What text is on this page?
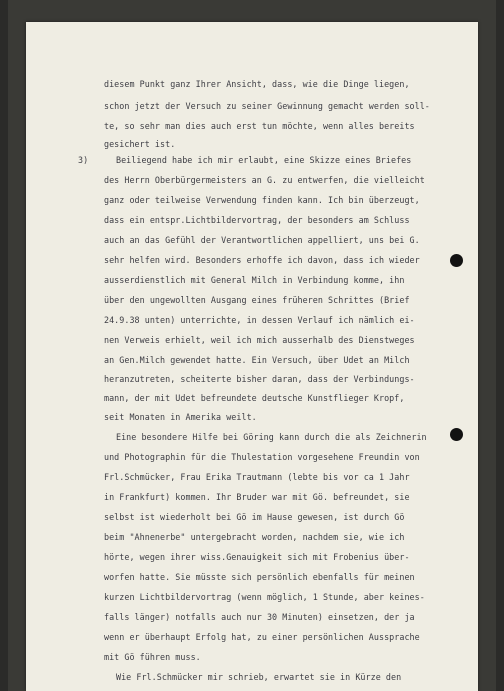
diesem Punkt ganz Ihrer Ansicht, dass, wie die Dinge liegen,
schon jetzt der Versuch zu seiner Gewinnung gemacht werden soll-
te, so sehr man dies auch erst tun möchte, wenn alles bereits
gesichert ist.
3)	Beiliegend habe ich mir erlaubt, eine Skizze eines Briefes
des Herrn Oberbürgermeisters an G. zu entwerfen, die vielleicht
ganz oder teilweise Verwendung finden kann. Ich bin überzeugt,
dass ein entspr.Lichtbildervortrag, der besonders am Schluss
auch an das Gefühl der Verantwortlichen appelliert, uns bei G.
sehr helfen wird. Besonders erhoffe ich davon, dass ich wieder
ausserdienstlich mit General Milch in Verbindung komme, ihn
über den ungewollten Ausgang eines früheren Schrittes (Brief
24.9.38 unten) unterrichte, in dessen Verlauf ich nämlich ei-
nen Verweis erhielt, weil ich mich ausserhalb des Dienstweges
an Gen.Milch gewendet hatte. Ein Versuch, über Udet an Milch
heranzutreten, scheiterte bisher daran, dass der Verbindungs-
mann, der mit Udet befreundete deutsche Kunstflieger Kropf,
seit Monaten in Amerika weilt.
Eine besondere Hilfe bei Göring kann durch die als Zeichnerin
und Photographin für die Thulestation vorgesehene Freundin von
Frl.Schmücker, Frau Erika Trautmann (lebte bis vor ca 1 Jahr
in Frankfurt) kommen. Ihr Bruder war mit Gö. befreundet, sie
selbst ist wiederholt bei Gö im Hause gewesen, ist durch Gö
beim "Ahnenerbe" untergebracht worden, nachdem sie, wie ich
hörte, wegen ihrer wiss.Genauigkeit sich mit Frobenius über-
worfen hatte. Sie müsste sich persönlich ebenfalls für meinen
kurzen Lichtbildervortrag (wenn möglich, 1 Stunde, aber keines-
falls länger) notfalls auch nur 30 Minuten) einsetzen, der ja
wenn er überhaupt Erfolg hat, zu einer persönlichen Aussprache
mit Gö führen muss.
Wie Frl.Schmücker mir schrieb, erwartet sie in Kürze den
